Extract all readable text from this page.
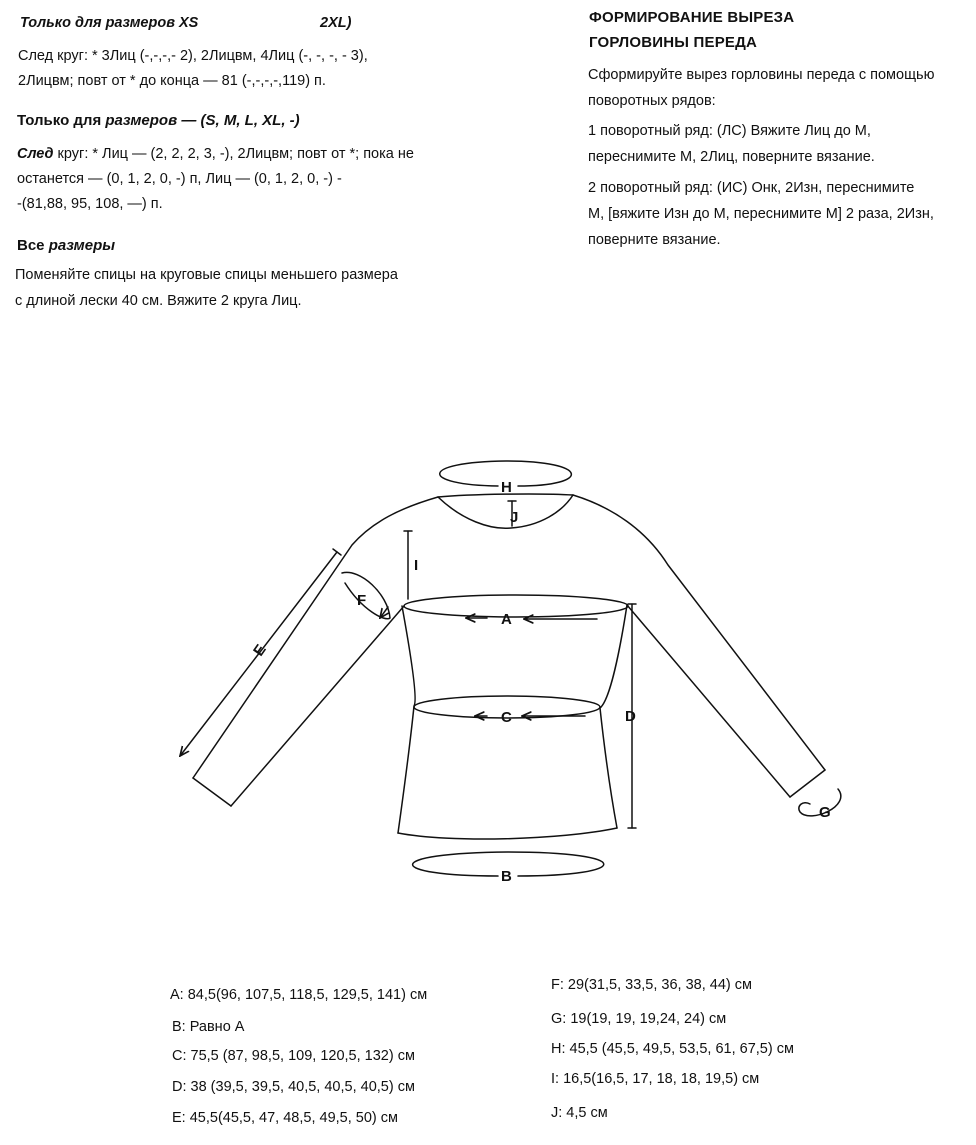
Только для размеров XS	2XL)
След круг: * 3Лиц (-,-,-,- 2), 2Лицвм, 4Лиц (-, -, -, - 3),
2Лицвм; повт от * до конца — 81 (-,-,-,-,119) п.
Только для размеров — (S, M, L, XL, -)
След круг: * Лиц — (2, 2, 2, 3, -), 2Лицвм; повт от *; пока не
останется — (0, 1, 2, 0, -) п, Лиц — (0, 1, 2, 0, -) -
-(81,88, 95, 108, —) п.
Все размеры
Поменяйте спицы на круговые спицы меньшего размера
с длиной лески 40 см. Вяжите 2 круга Лиц.
ФОРМИРОВАНИЕ ВЫРЕЗА
ГОРЛОВИНЫ ПЕРЕДА
Сформируйте вырез горловины переда с помощью
поворотных рядов:
1 поворотный ряд: (ЛС) Вяжите Лиц до М,
переснимите М, 2Лиц, поверните вязание.
2 поворотный ряд: (ИС) Онк, 2Изн, переснимите
М, [вяжите Изн до М, переснимите М] 2 раза, 2Изн,
поверните вязание.
H
J
I
F
A
E
C	D
G
B
A: 84,5(96, 107,5, 118,5, 129,5, 141) см
B: Равно А
C: 75,5 (87, 98,5, 109, 120,5, 132) см
D: 38 (39,5, 39,5, 40,5, 40,5, 40,5) см
E: 45,5(45,5, 47, 48,5, 49,5, 50) см
F: 29(31,5, 33,5, 36, 38, 44) см
G: 19(19, 19, 19,24, 24) см
H: 45,5 (45,5, 49,5, 53,5, 61, 67,5) см
I: 16,5(16,5, 17, 18, 18, 19,5) см
J: 4,5 см
